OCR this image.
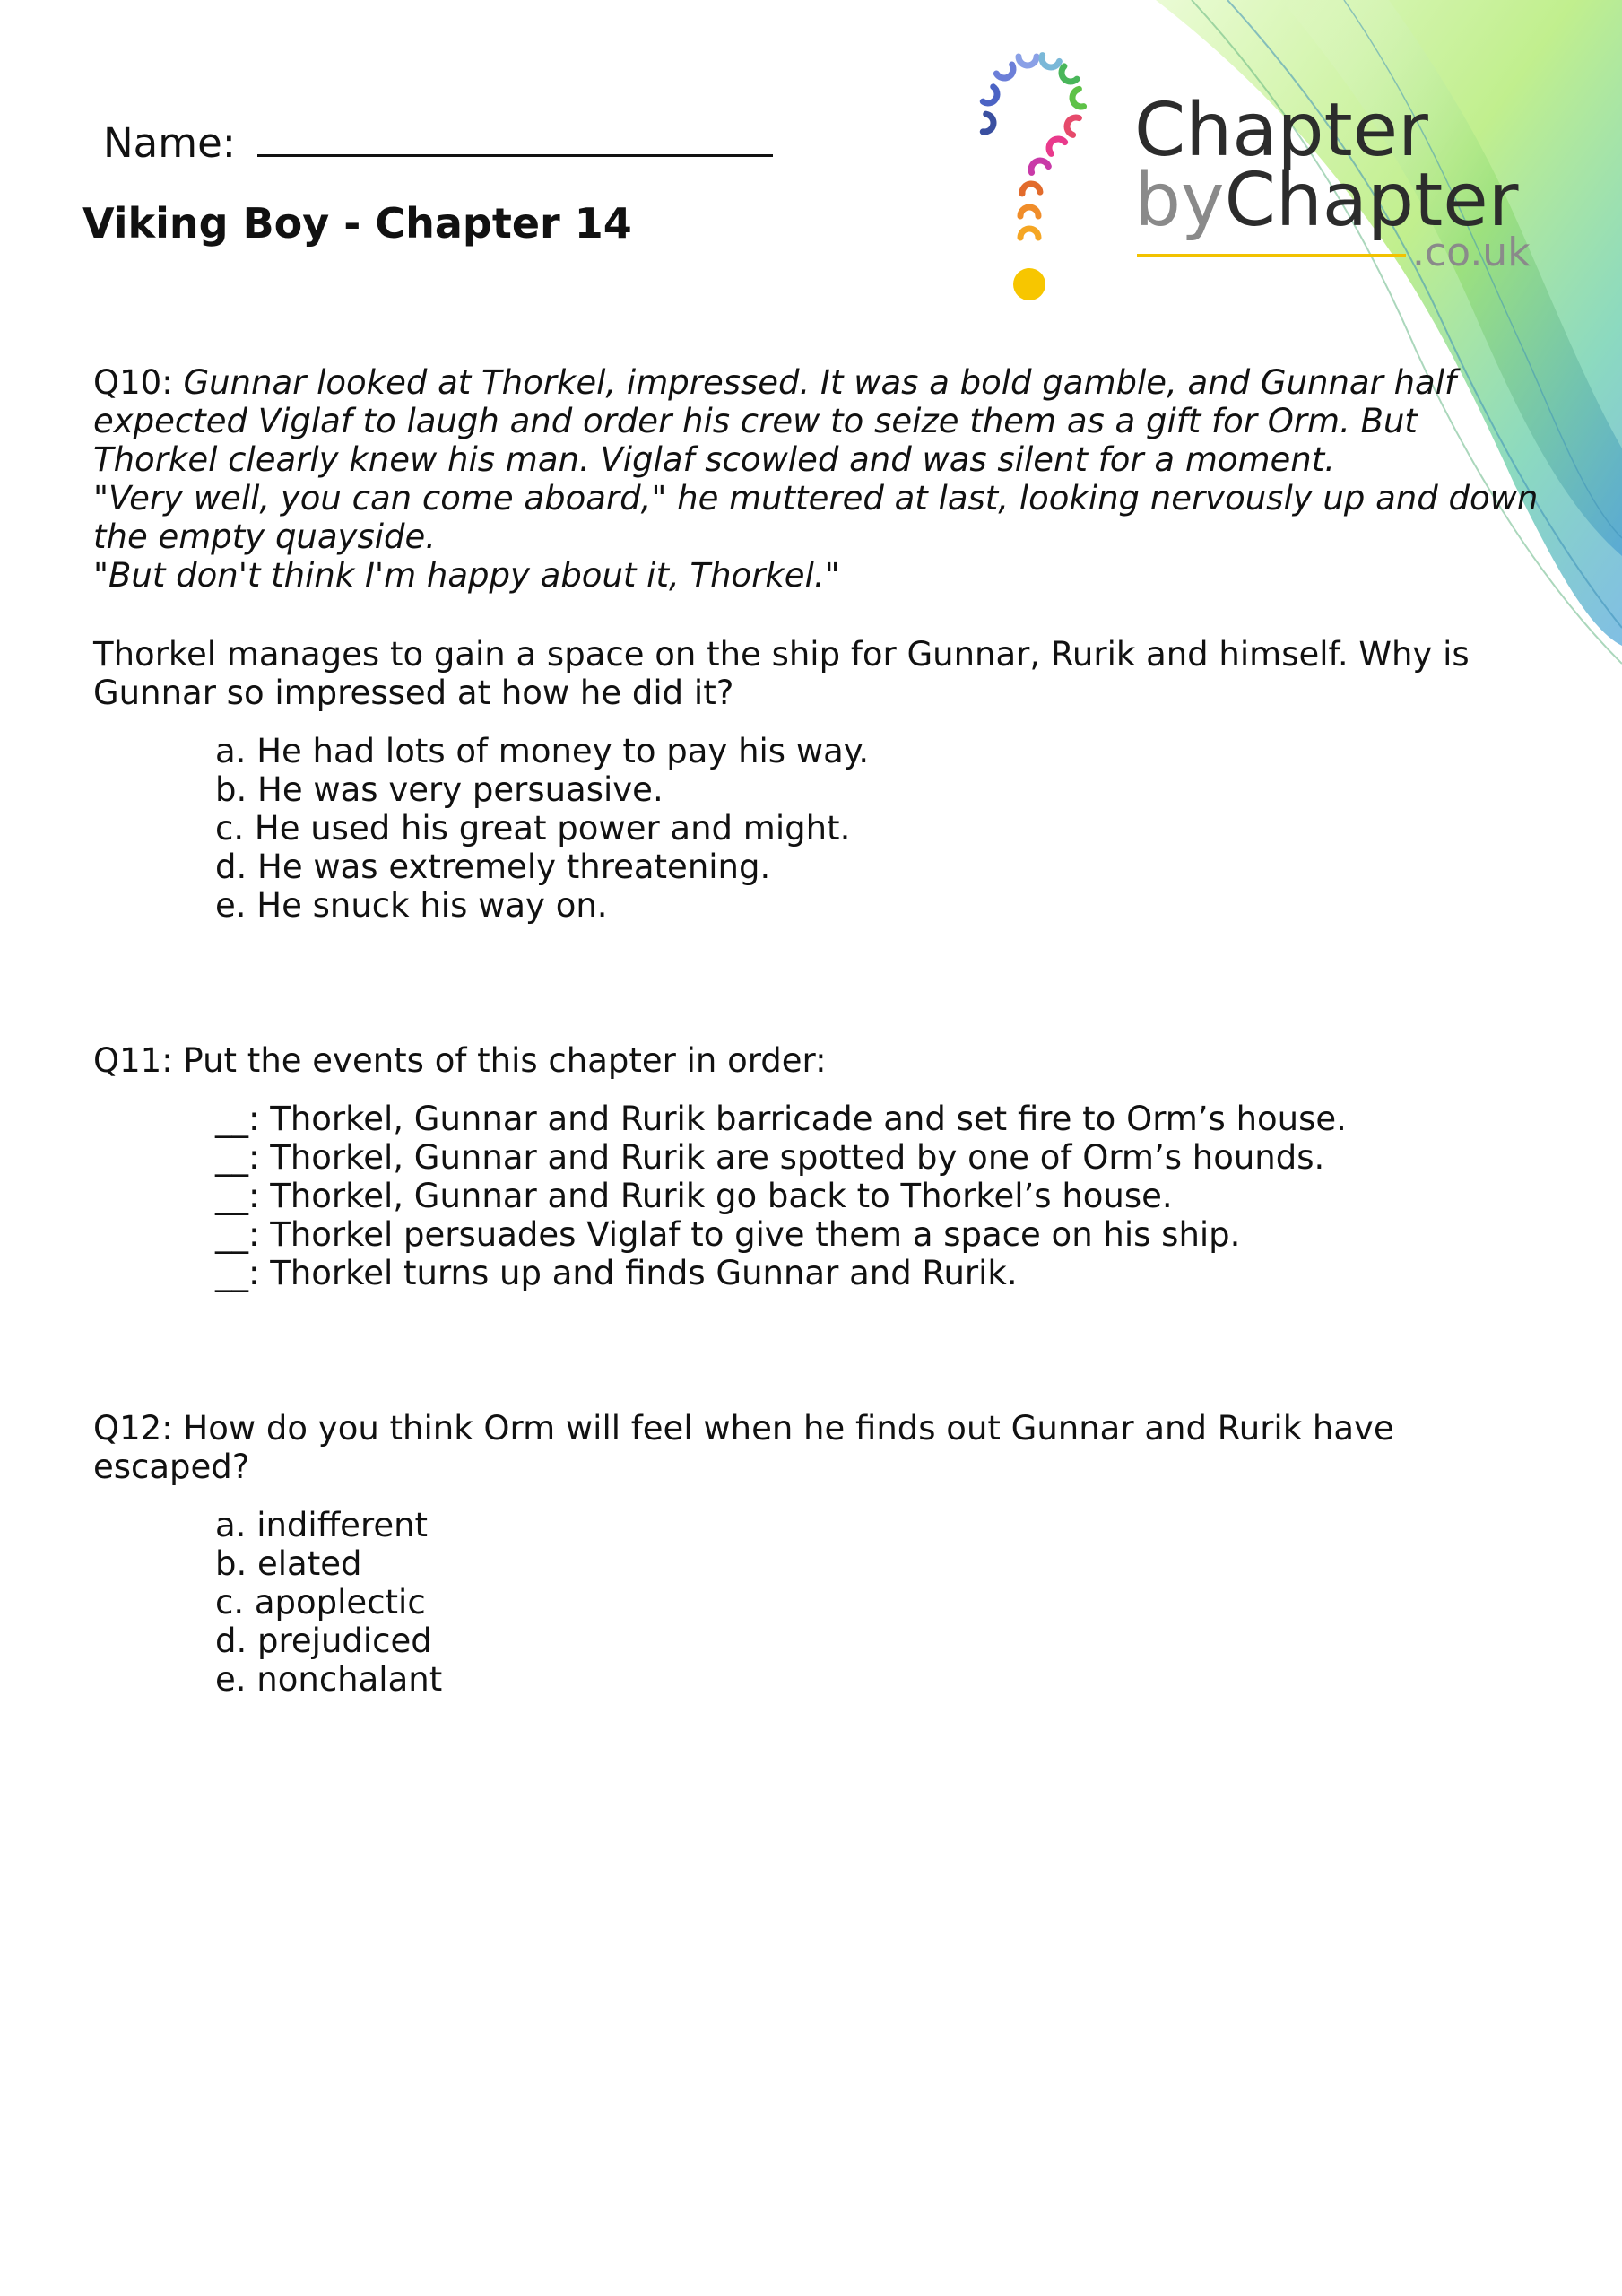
Name:
Viking Boy - Chapter 14
Chapter
byChapter
.co.uk

Q10: Gunnar looked at Thorkel, impressed. It was a bold gamble, and Gunnar half expected Viglaf to laugh and order his crew to seize them as a gift for Orm. But Thorkel clearly knew his man. Viglaf scowled and was silent for a moment.

"Very well, you can come aboard," he muttered at last, looking nervously up and down the empty quayside.

"But don't think I'm happy about it, Thorkel."

Thorkel manages to gain a space on the ship for Gunnar, Rurik and himself. Why is Gunnar so impressed at how he did it?

a. He had lots of money to pay his way.
b. He was very persuasive.
c. He used his great power and might.
d. He was extremely threatening.
e. He snuck his way on.

Q11: Put the events of this chapter in order:

__: Thorkel, Gunnar and Rurik barricade and set fire to Orm’s house.
__: Thorkel, Gunnar and Rurik are spotted by one of Orm’s hounds.
__: Thorkel, Gunnar and Rurik go back to Thorkel’s house.
__: Thorkel persuades Viglaf to give them a space on his ship.
__: Thorkel turns up and finds Gunnar and Rurik.

Q12: How do you think Orm will feel when he finds out Gunnar and Rurik have escaped?

a. indifferent
b. elated
c. apoplectic
d. prejudiced
e. nonchalant
